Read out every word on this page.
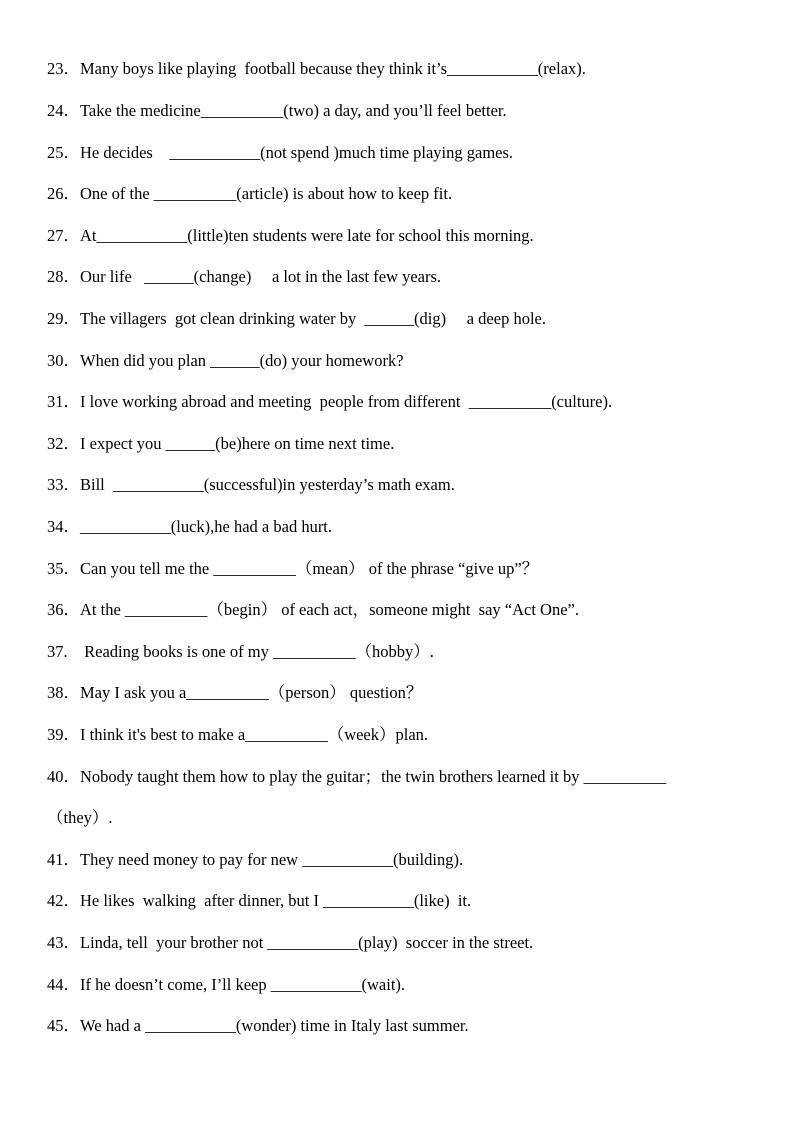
23．Many boys like playing  football because they think it’s___________(relax).
24．Take the medicine__________(two) a day, and you’ll feel better.
25．He decides    ___________(not spend )much time playing games.
26．One of the __________(article) is about how to keep fit.
27．At___________(little)ten students were late for school this morning.
28．Our life   ______(change)     a lot in the last few years.
29．The villagers  got clean drinking water by  ______(dig)     a deep hole.
30．When did you plan ______(do) your homework?
31．I love working abroad and meeting  people from different  __________(culture).
32．I expect you ______(be)here on time next time.
33．Bill  ___________(successful)in yesterday’s math exam.
34．___________(luck),he had a bad hurt.
35．Can you tell me the __________（mean） of the phrase “give up”？
36．At the __________（begin） of each act，someone might  say “Act One”.
37.    Reading books is one of my __________（hobby）.
38．May I ask you a__________（person） question？
39．I think it's best to make a__________（week）plan.
40．Nobody taught them how to play the guitar；the twin brothers learned it by __________
（they）.
41．They need money to pay for new ___________(building).
42．He likes  walking  after dinner, but I ___________(like)  it.
43．Linda, tell  your brother not ___________(play)  soccer in the street.
44．If he doesn’t come, I’ll keep ___________(wait).
45．We had a ___________(wonder) time in Italy last summer.
